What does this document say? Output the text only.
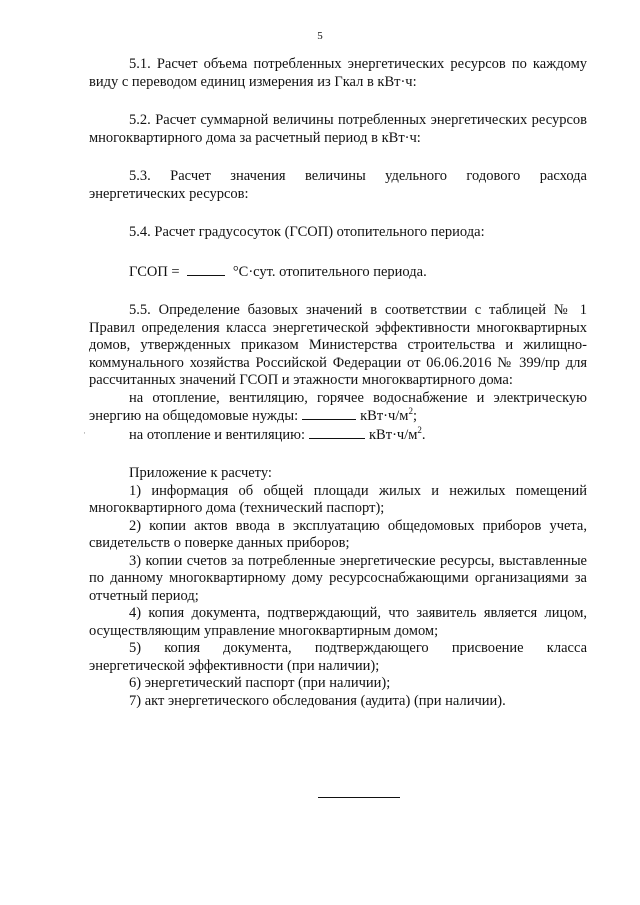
5

5.1. Расчет объема потребленных энергетических ресурсов по каждому виду с переводом единиц измерения из Гкал в кВт·ч:

5.2. Расчет суммарной величины потребленных энергетических ресурсов многоквартирного дома за расчетный период в кВт·ч:

5.3. Расчет значения величины удельного годового расхода энергетических ресурсов:

5.4. Расчет градусосуток (ГСОП) отопительного периода:

ГСОП =	°С·сут. отопительного периода.

5.5. Определение базовых значений в соответствии с таблицей № 1 Правил определения класса энергетической эффективности многоквартирных домов, утвержденных приказом Министерства строительства и жилищно-коммунального хозяйства Российской Федерации от 06.06.2016 № 399/пр для рассчитанных значений ГСОП и этажности многоквартирного дома:

на отопление, вентиляцию, горячее водоснабжение и электрическую энергию на общедомовые нужды:	$кВт\cdot ч/м^2$;

на отопление и вентиляцию:	$кВт\cdot ч/м^2$.

Приложение к расчету:

1) информация об общей площади жилых и нежилых помещений многоквартирного дома (технический паспорт);

2) копии актов ввода в эксплуатацию общедомовых приборов учета, свидетельств о поверке данных приборов;

3) копии счетов за потребленные энергетические ресурсы, выставленные по данному многоквартирному дому ресурсоснабжающими организациями за отчетный период;

4) копия документа, подтверждающий, что заявитель является лицом, осуществляющим управление многоквартирным домом;

5) копия документа, подтверждающего присвоение класса энергетической эффективности (при наличии);

6) энергетический паспорт (при наличии);

7) акт энергетического обследования (аудита) (при наличии).

·
